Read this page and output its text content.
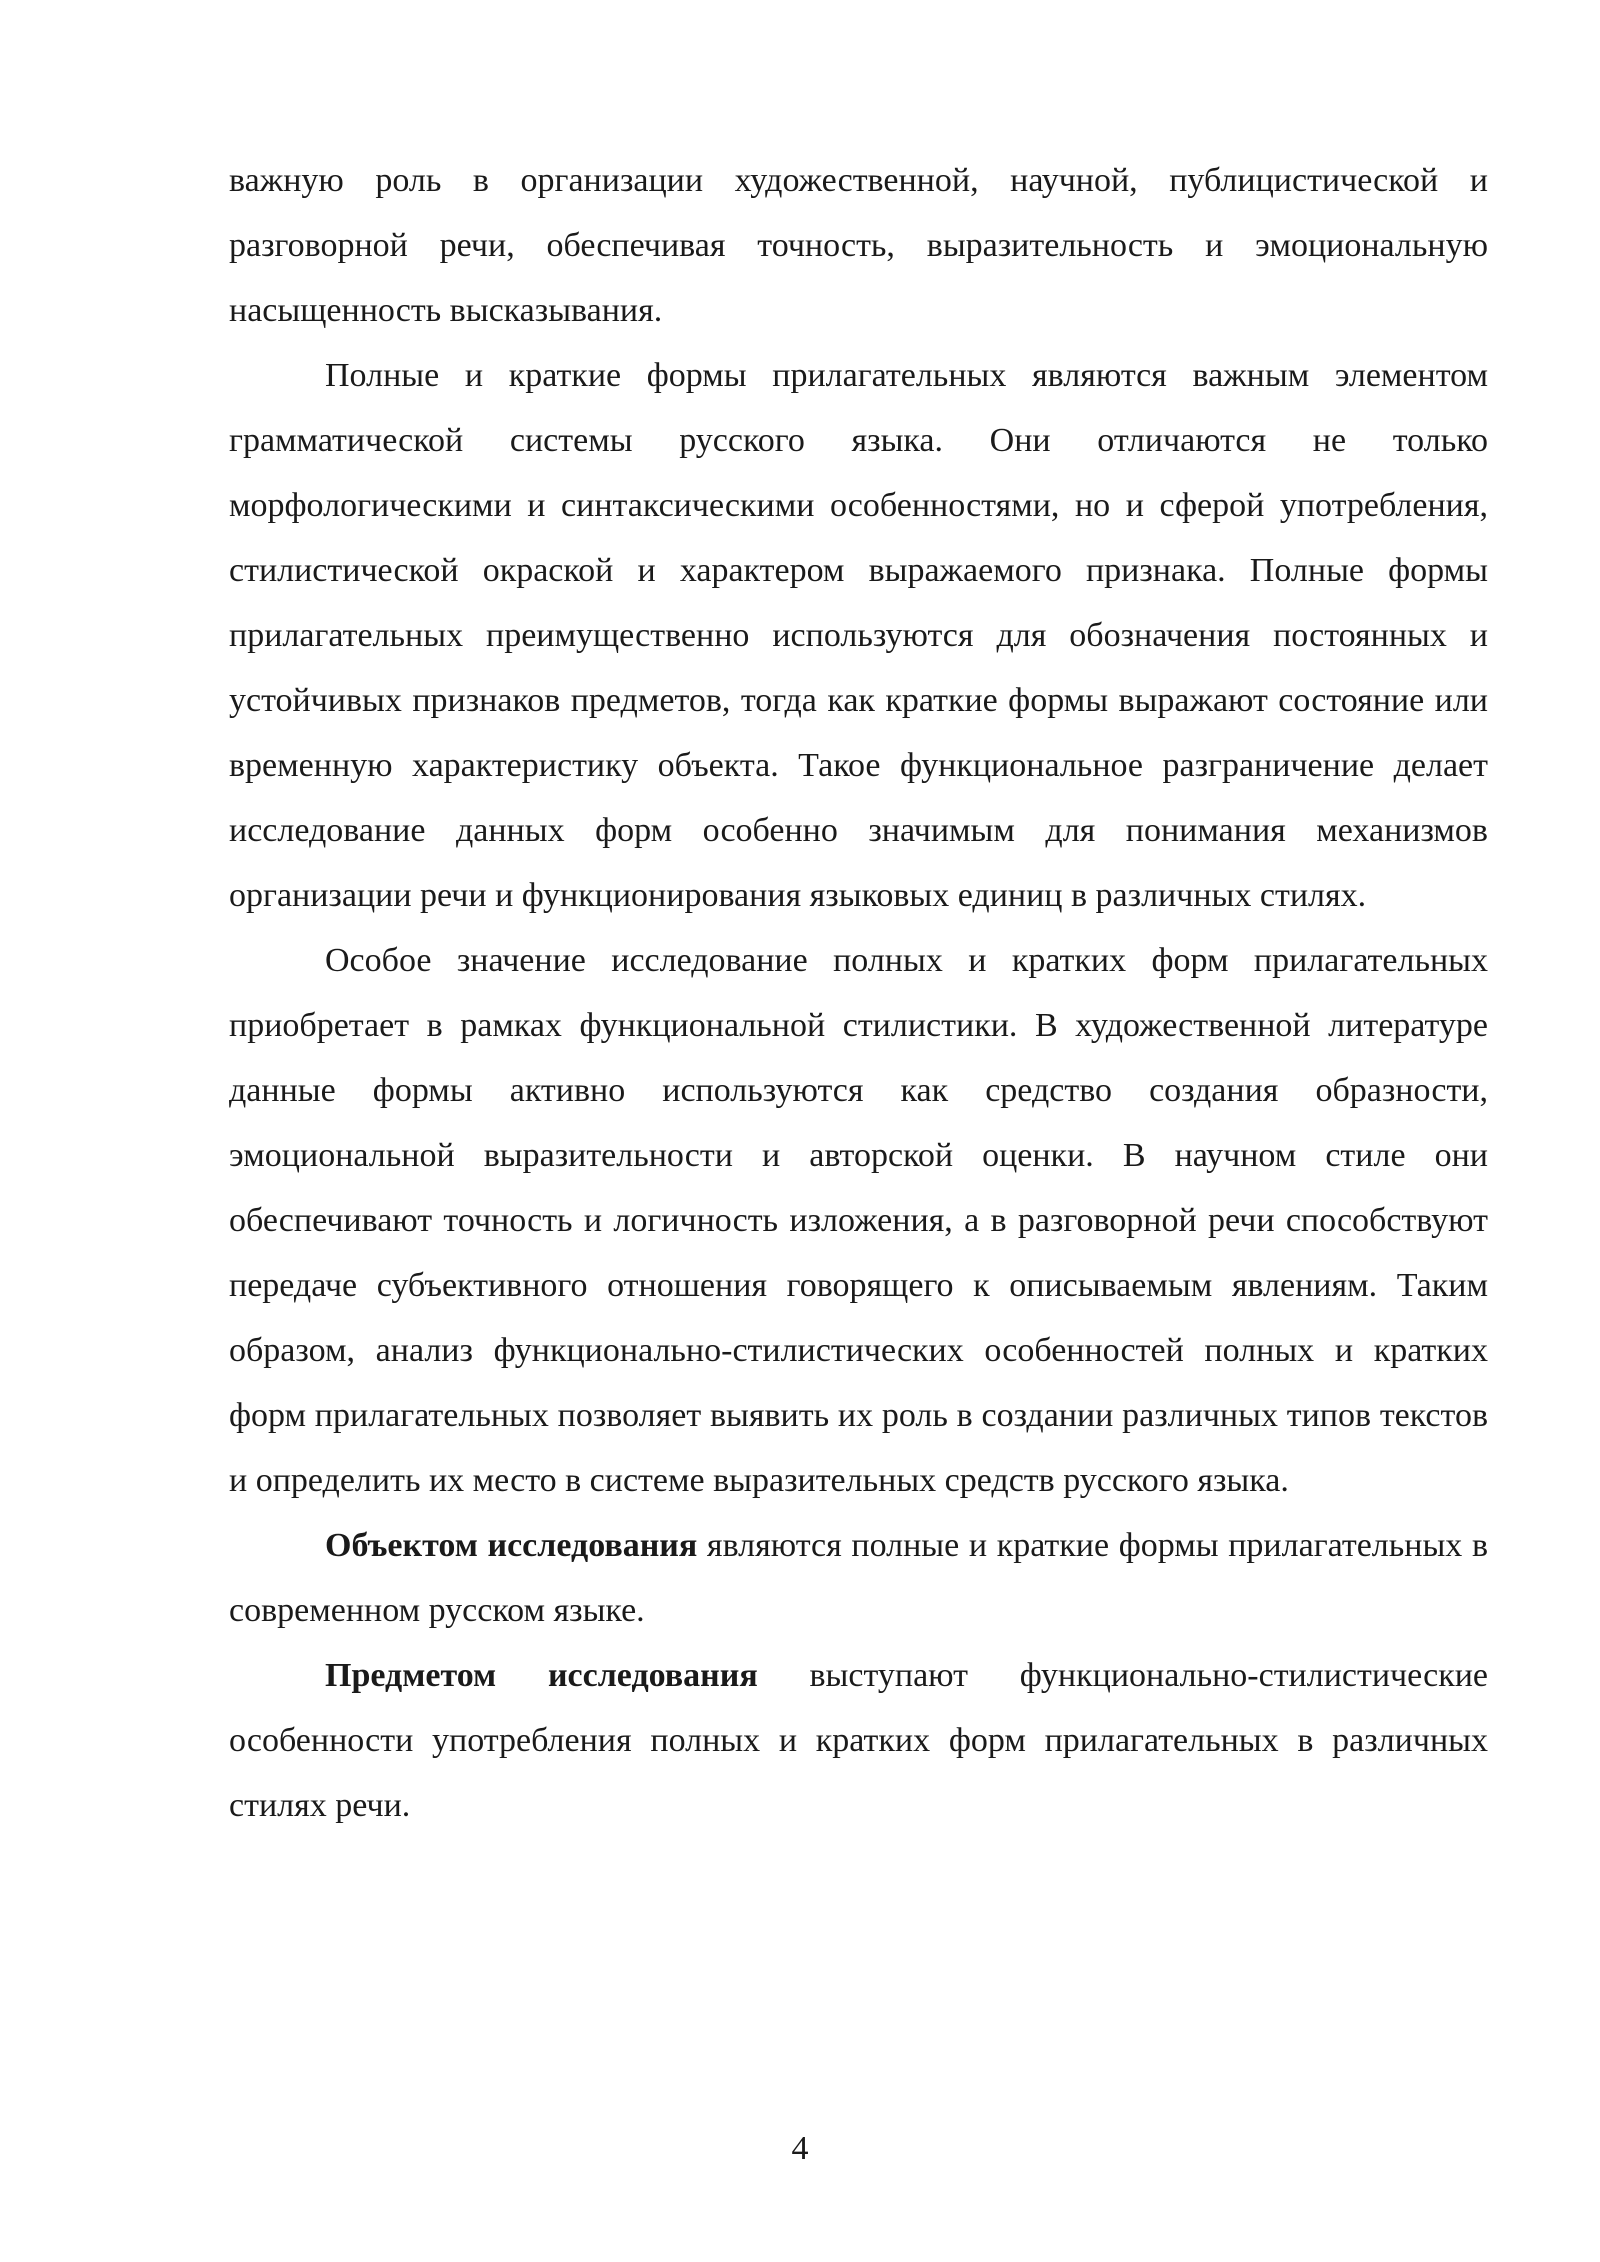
важную роль в организации художественной, научной, публицистической и разговорной речи, обеспечивая точность, выразительность и эмоциональную насыщенность высказывания.

Полные и краткие формы прилагательных являются важным элементом грамматической системы русского языка. Они отличаются не только морфологическими и синтаксическими особенностями, но и сферой употребления, стилистической окраской и характером выражаемого признака. Полные формы прилагательных преимущественно используются для обозначения постоянных и устойчивых признаков предметов, тогда как краткие формы выражают состояние или временную характеристику объекта. Такое функциональное разграничение делает исследование данных форм особенно значимым для понимания механизмов организации речи и функционирования языковых единиц в различных стилях.

Особое значение исследование полных и кратких форм прилагательных приобретает в рамках функциональной стилистики. В художественной литературе данные формы активно используются как средство создания образности, эмоциональной выразительности и авторской оценки. В научном стиле они обеспечивают точность и логичность изложения, а в разговорной речи способствуют передаче субъективного отношения говорящего к описываемым явлениям. Таким образом, анализ функционально-стилистических особенностей полных и кратких форм прилагательных позволяет выявить их роль в создании различных типов текстов и определить их место в системе выразительных средств русского языка.

Объектом исследования являются полные и краткие формы прилагательных в современном русском языке.

Предметом исследования выступают функционально-стилистические особенности употребления полных и кратких форм прилагательных в различных стилях речи.

4
